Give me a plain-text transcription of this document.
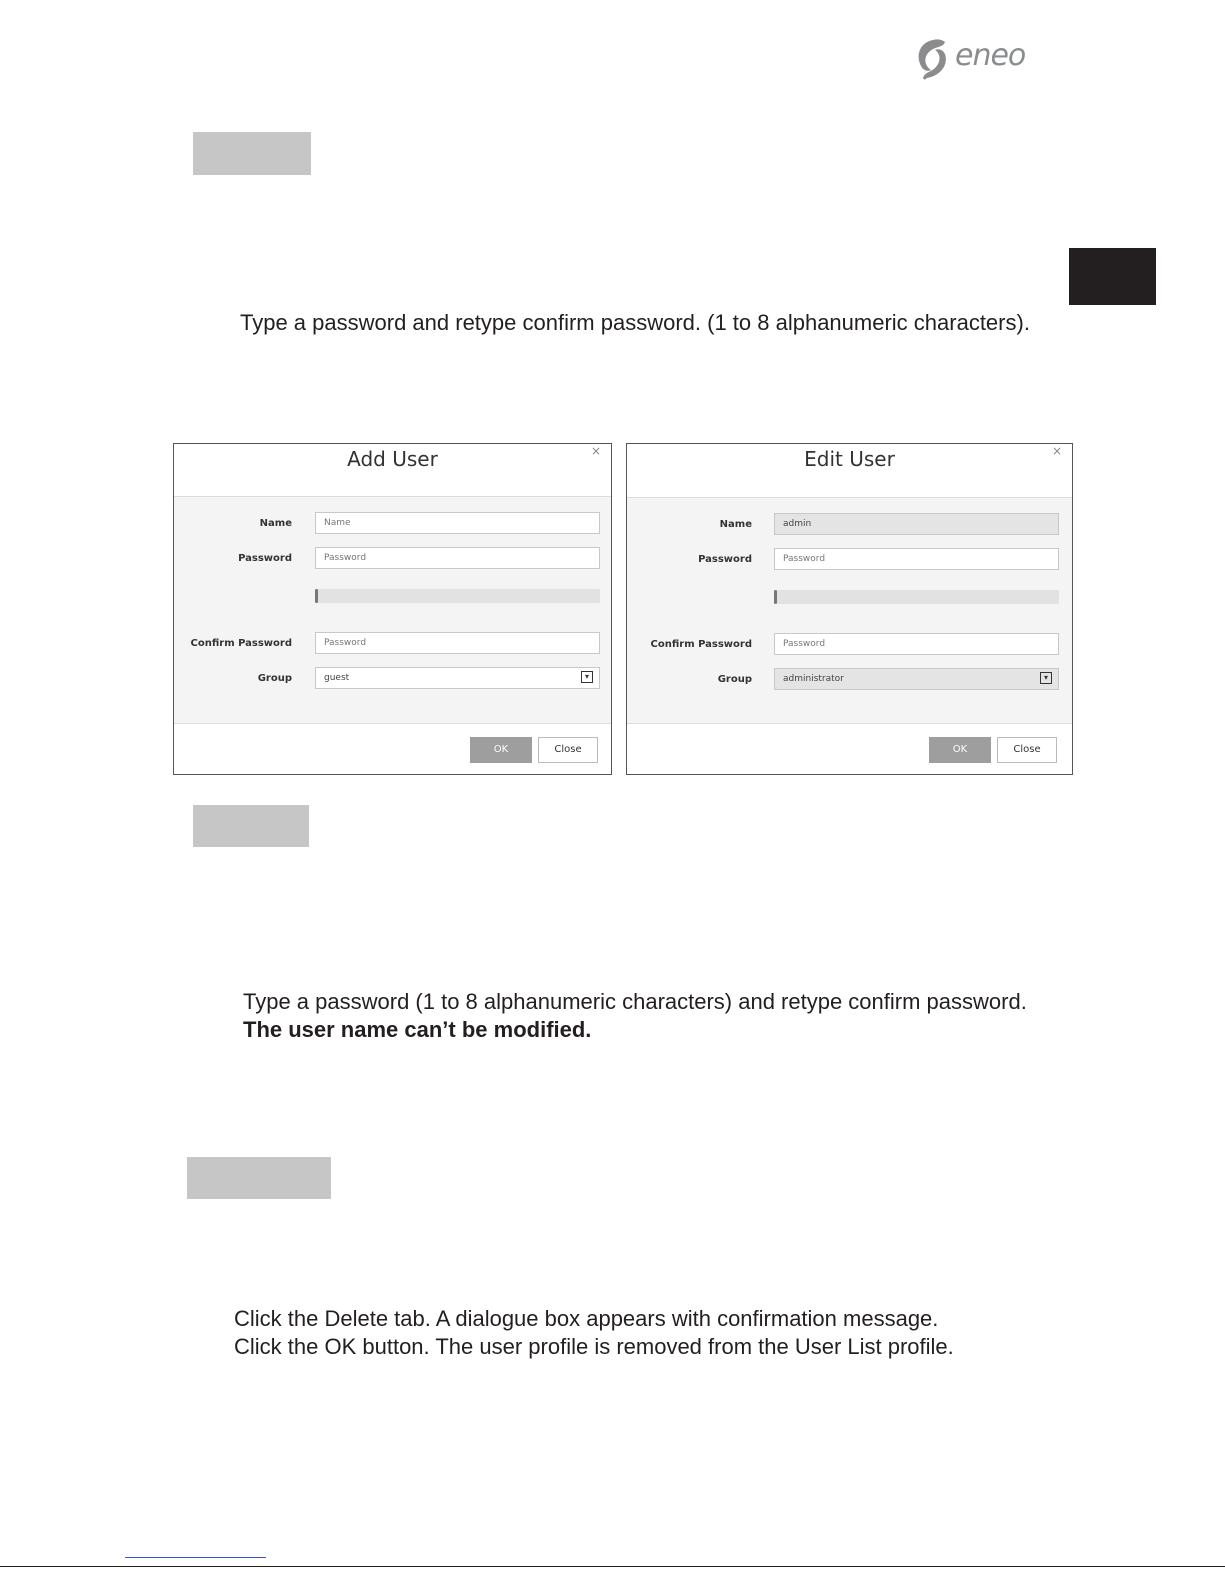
eneo
Type a password and retype confirm password. (1 to 8 alphanumeric characters).
Add User	×
Name	Name
Password	Password
Confirm Password	Password
Group	guest	▾
OK	Close
Edit User	×
Name	admin
Password	Password
Confirm Password	Password
Group	administrator	▾
OK	Close
Type a password (1 to 8 alphanumeric characters) and retype confirm password.
The user name can’t be modified.
Click the Delete tab. A dialogue box appears with confirmation message.
Click the OK button. The user profile is removed from the User List profile.
